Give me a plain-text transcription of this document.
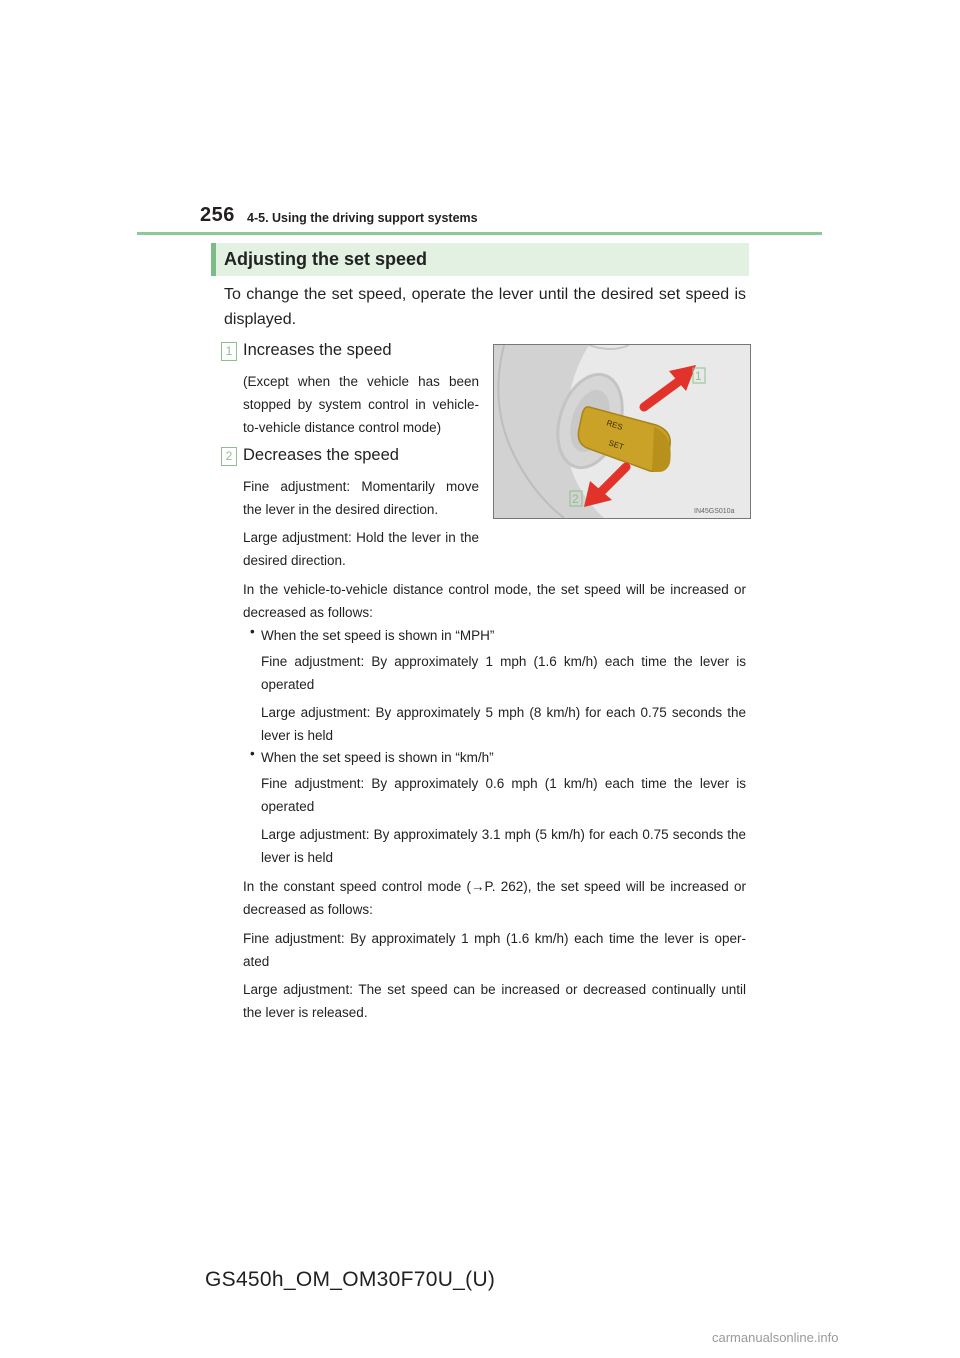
256 4-5. Using the driving support systems
Adjusting the set speed
To change the set speed, operate the lever until the desired set speed is displayed.
1 Increases the speed
(Except when the vehicle has been stopped by system control in vehicle-to-vehicle distance control mode)
2 Decreases the speed
Fine adjustment: Momentarily move the lever in the desired direction.
Large adjustment: Hold the lever in the desired direction.
RES
SET
1
2
IN45GS010a
In the vehicle-to-vehicle distance control mode, the set speed will be increased or decreased as follows:
• When the set speed is shown in “MPH”
Fine adjustment: By approximately 1 mph (1.6 km/h) each time the lever is operated
Large adjustment: By approximately 5 mph (8 km/h) for each 0.75 seconds the lever is held
• When the set speed is shown in “km/h”
Fine adjustment: By approximately 0.6 mph (1 km/h) each time the lever is operated
Large adjustment: By approximately 3.1 mph (5 km/h) for each 0.75 seconds the lever is held
In the constant speed control mode (→P. 262), the set speed will be increased or decreased as follows:
Fine adjustment: By approximately 1 mph (1.6 km/h) each time the lever is oper- ated
Large adjustment: The set speed can be increased or decreased continually until the lever is released.
GS450h_OM_OM30F70U_(U)
carmanualsonline.info
